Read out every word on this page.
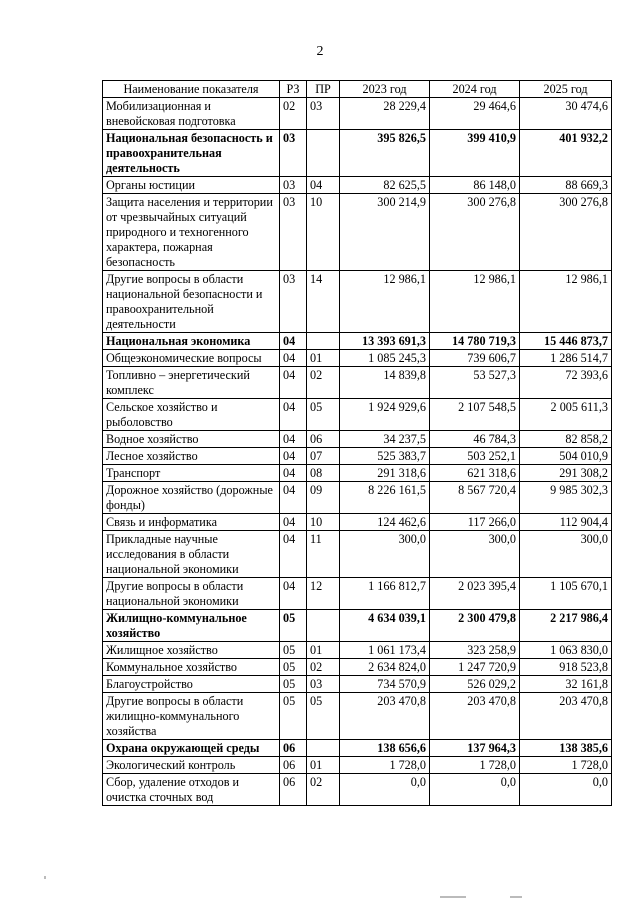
2
Наименование показателя	РЗ	ПР	2023 год	2024 год	2025 год
Мобилизационная и вневойсковая подготовка	02	03	28 229,4	29 464,6	30 474,6
Национальная безопасность и правоохранительная деятельность	03		395 826,5	399 410,9	401 932,2
Органы юстиции	03	04	82 625,5	86 148,0	88 669,3
Защита населения и территории от чрезвычайных ситуаций природного и техногенного характера, пожарная безопасность	03	10	300 214,9	300 276,8	300 276,8
Другие вопросы в области национальной безопасности и правоохранительной деятельности	03	14	12 986,1	12 986,1	12 986,1
Национальная экономика	04		13 393 691,3	14 780 719,3	15 446 873,7
Общеэкономические вопросы	04	01	1 085 245,3	739 606,7	1 286 514,7
Топливно – энергетический комплекс	04	02	14 839,8	53 527,3	72 393,6
Сельское хозяйство и рыболовство	04	05	1 924 929,6	2 107 548,5	2 005 611,3
Водное хозяйство	04	06	34 237,5	46 784,3	82 858,2
Лесное хозяйство	04	07	525 383,7	503 252,1	504 010,9
Транспорт	04	08	291 318,6	621 318,6	291 308,2
Дорожное хозяйство (дорожные фонды)	04	09	8 226 161,5	8 567 720,4	9 985 302,3
Связь и информатика	04	10	124 462,6	117 266,0	112 904,4
Прикладные научные исследования в области национальной экономики	04	11	300,0	300,0	300,0
Другие вопросы в области национальной экономики	04	12	1 166 812,7	2 023 395,4	1 105 670,1
Жилищно-коммунальное хозяйство	05		4 634 039,1	2 300 479,8	2 217 986,4
Жилищное хозяйство	05	01	1 061 173,4	323 258,9	1 063 830,0
Коммунальное хозяйство	05	02	2 634 824,0	1 247 720,9	918 523,8
Благоустройство	05	03	734 570,9	526 029,2	32 161,8
Другие вопросы в области жилищно-коммунального хозяйства	05	05	203 470,8	203 470,8	203 470,8
Охрана окружающей среды	06		138 656,6	137 964,3	138 385,6
Экологический контроль	06	01	1 728,0	1 728,0	1 728,0
Сбор, удаление отходов и очистка сточных вод	06	02	0,0	0,0	0,0
